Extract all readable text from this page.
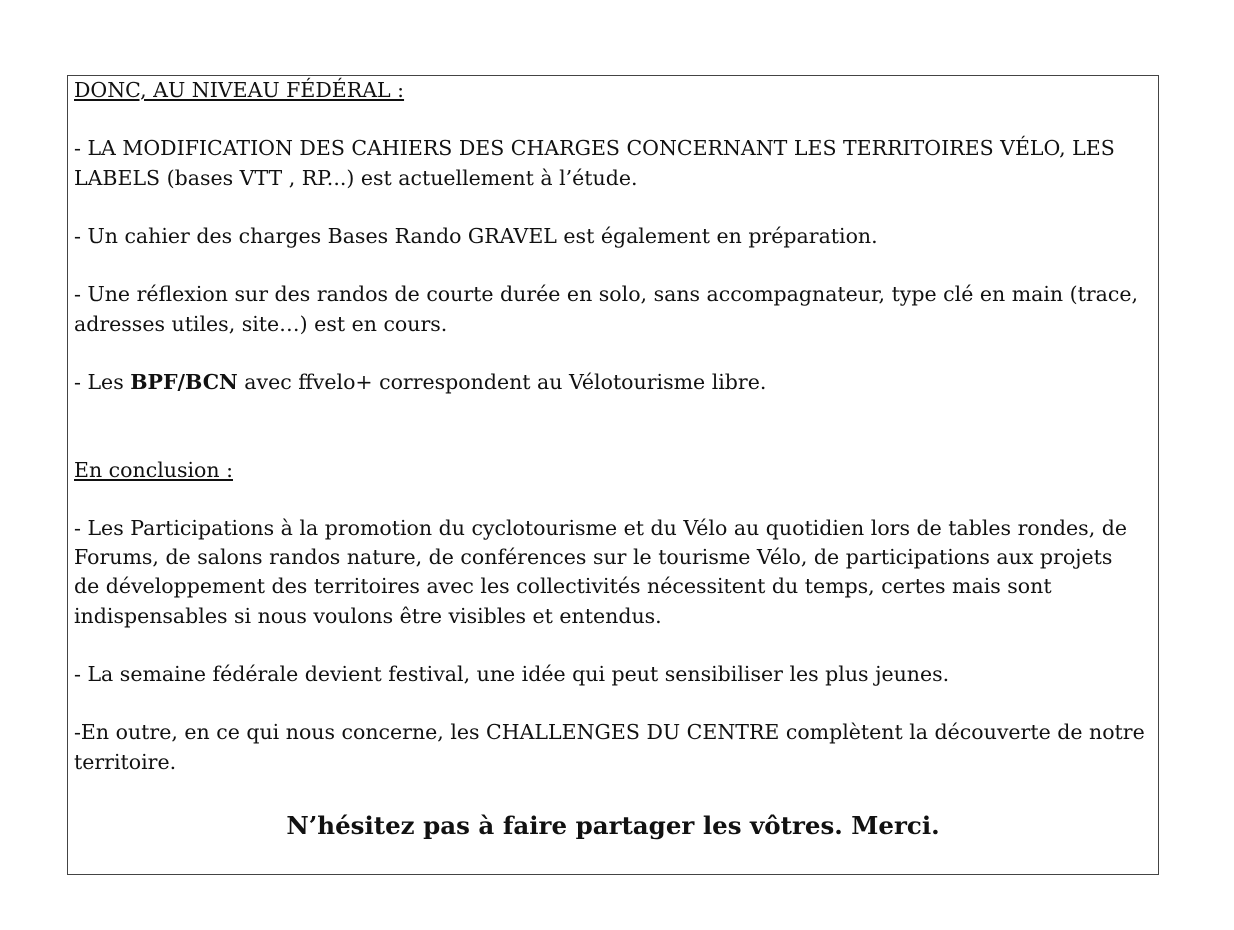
DONC, AU NIVEAU FÉDÉRAL :

- LA MODIFICATION DES CAHIERS DES CHARGES CONCERNANT LES TERRITOIRES VÉLO, LES

LABELS (bases VTT , RP...) est actuellement à l’étude.

- Un cahier des charges Bases Rando GRAVEL est également en préparation.

- Une réflexion sur des randos de courte durée en solo, sans accompagnateur, type clé en main (trace,

adresses utiles, site…) est en cours.

- Les BPF/BCN avec ffvelo+ correspondent au Vélotourisme libre.

En conclusion :

- Les Participations à la promotion du cyclotourisme et du Vélo au quotidien lors de tables rondes, de

Forums, de salons randos nature, de conférences sur le tourisme Vélo, de participations aux projets

de développement des territoires avec les collectivités nécessitent du temps, certes mais sont

indispensables si nous voulons être visibles et entendus.

- La semaine fédérale devient festival, une idée qui peut sensibiliser les plus jeunes.

-En outre, en ce qui nous concerne, les CHALLENGES DU CENTRE complètent la découverte de notre

territoire.

N’hésitez pas à faire partager les vôtres. Merci.
